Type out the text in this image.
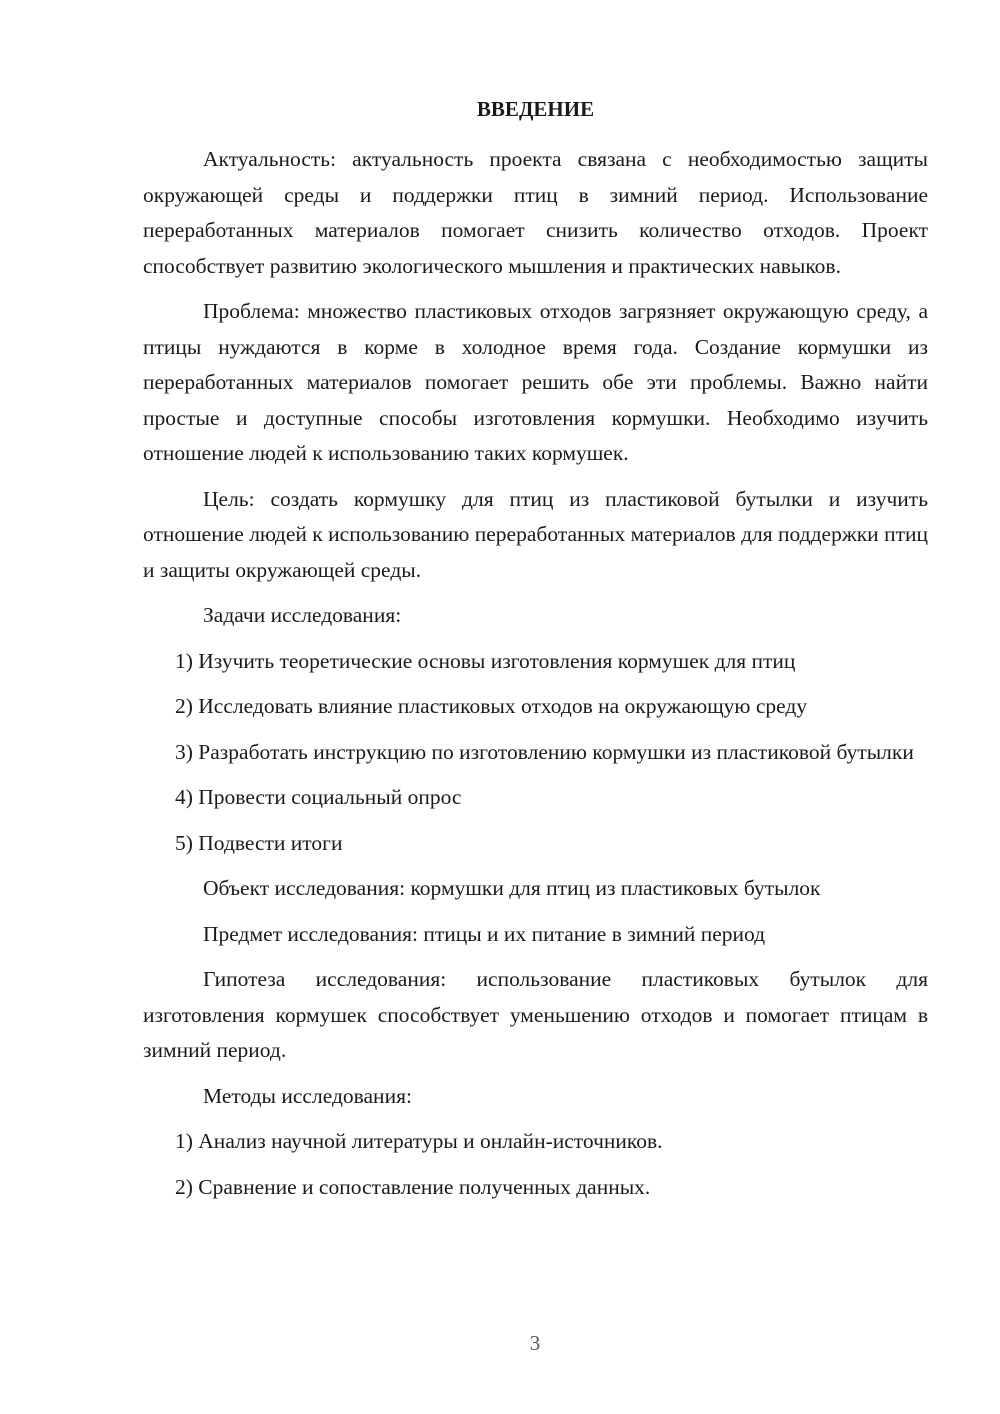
ВВЕДЕНИЕ

Актуальность: актуальность проекта связана с необходимостью защиты окружающей среды и поддержки птиц в зимний период. Использование переработанных материалов помогает снизить количество отходов. Проект способствует развитию экологического мышления и практических навыков.

Проблема: множество пластиковых отходов загрязняет окружающую среду, а птицы нуждаются в корме в холодное время года. Создание кормушки из переработанных материалов помогает решить обе эти проблемы. Важно найти простые и доступные способы изготовления кормушки. Необходимо изучить отношение людей к использованию таких кормушек.

Цель: создать кормушку для птиц из пластиковой бутылки и изучить отношение людей к использованию переработанных материалов для поддержки птиц и защиты окружающей среды.

Задачи исследования:

1) Изучить теоретические основы изготовления кормушек для птиц

2) Исследовать влияние пластиковых отходов на окружающую среду

3) Разработать инструкцию по изготовлению кормушки из пластиковой бутылки

4) Провести социальный опрос

5) Подвести итоги

Объект исследования: кормушки для птиц из пластиковых бутылок

Предмет исследования: птицы и их питание в зимний период

Гипотеза исследования: использование пластиковых бутылок для изготовления кормушек способствует уменьшению отходов и помогает птицам в зимний период.

Методы исследования:

1) Анализ научной литературы и онлайн-источников.

2) Сравнение и сопоставление полученных данных.

3
